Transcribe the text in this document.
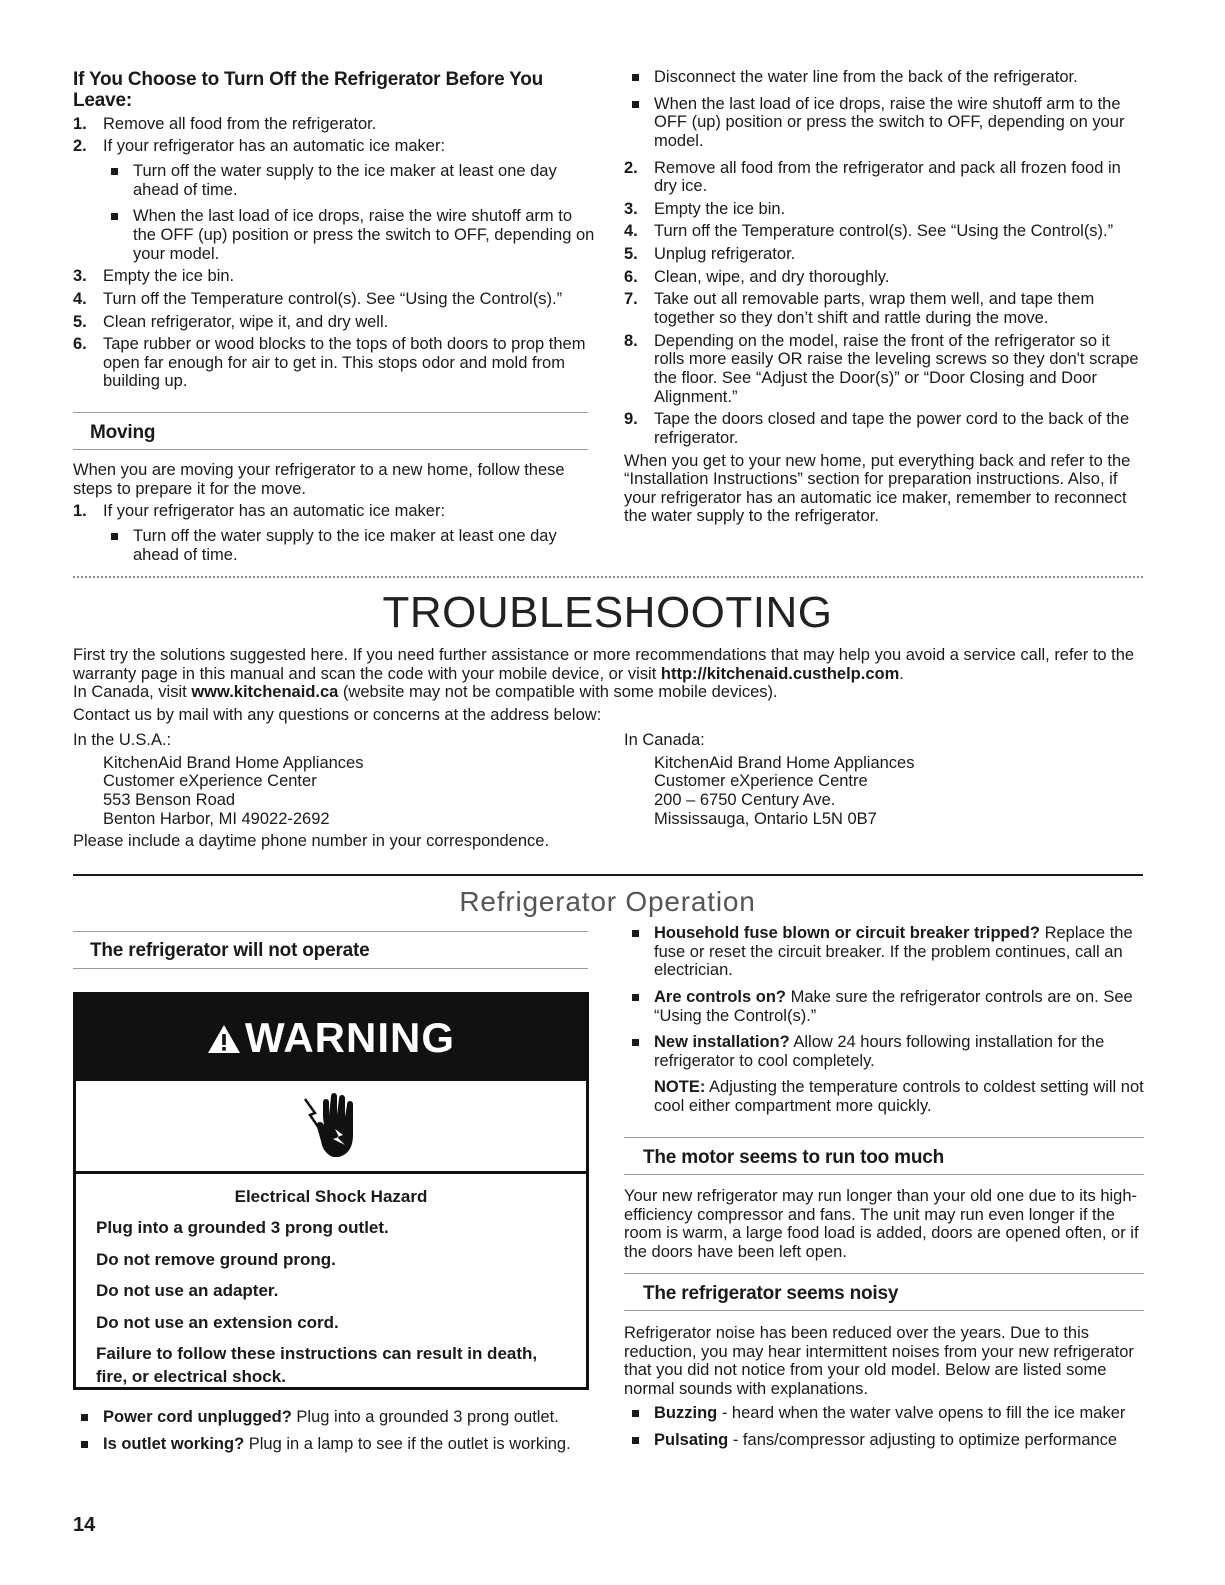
If You Choose to Turn Off the Refrigerator Before You Leave:
1. Remove all food from the refrigerator.
2. If your refrigerator has an automatic ice maker:
Turn off the water supply to the ice maker at least one day ahead of time.
When the last load of ice drops, raise the wire shutoff arm to the OFF (up) position or press the switch to OFF, depending on your model.
3. Empty the ice bin.
4. Turn off the Temperature control(s). See “Using the Control(s).”
5. Clean refrigerator, wipe it, and dry well.
6. Tape rubber or wood blocks to the tops of both doors to prop them open far enough for air to get in. This stops odor and mold from building up.
Moving
When you are moving your refrigerator to a new home, follow these steps to prepare it for the move.
1. If your refrigerator has an automatic ice maker:
Turn off the water supply to the ice maker at least one day ahead of time.
Disconnect the water line from the back of the refrigerator.
When the last load of ice drops, raise the wire shutoff arm to the OFF (up) position or press the switch to OFF, depending on your model.
2. Remove all food from the refrigerator and pack all frozen food in dry ice.
3. Empty the ice bin.
4. Turn off the Temperature control(s). See “Using the Control(s).”
5. Unplug refrigerator.
6. Clean, wipe, and dry thoroughly.
7. Take out all removable parts, wrap them well, and tape them together so they don’t shift and rattle during the move.
8. Depending on the model, raise the front of the refrigerator so it rolls more easily OR raise the leveling screws so they don't scrape the floor. See “Adjust the Door(s)” or “Door Closing and Door Alignment.”
9. Tape the doors closed and tape the power cord to the back of the refrigerator.
When you get to your new home, put everything back and refer to the “Installation Instructions” section for preparation instructions. Also, if your refrigerator has an automatic ice maker, remember to reconnect the water supply to the refrigerator.
TROUBLESHOOTING
First try the solutions suggested here. If you need further assistance or more recommendations that may help you avoid a service call, refer to the warranty page in this manual and scan the code with your mobile device, or visit http://kitchenaid.custhelp.com.
In Canada, visit www.kitchenaid.ca (website may not be compatible with some mobile devices).
Contact us by mail with any questions or concerns at the address below:
In the U.S.A.:
KitchenAid Brand Home Appliances
Customer eXperience Center
553 Benson Road
Benton Harbor, MI 49022-2692
Please include a daytime phone number in your correspondence.
In Canada:
KitchenAid Brand Home Appliances
Customer eXperience Centre
200 – 6750 Century Ave.
Mississauga, Ontario L5N 0B7
Refrigerator Operation
The refrigerator will not operate
WARNING

Electrical Shock Hazard

Plug into a grounded 3 prong outlet.

Do not remove ground prong.

Do not use an adapter.

Do not use an extension cord.

Failure to follow these instructions can result in death, fire, or electrical shock.

Power cord unplugged? Plug into a grounded 3 prong outlet.
Is outlet working? Plug in a lamp to see if the outlet is working.
Household fuse blown or circuit breaker tripped? Replace the fuse or reset the circuit breaker. If the problem continues, call an electrician.
Are controls on? Make sure the refrigerator controls are on. See “Using the Control(s).”
New installation? Allow 24 hours following installation for the refrigerator to cool completely.
NOTE: Adjusting the temperature controls to coldest setting will not cool either compartment more quickly.
The motor seems to run too much
Your new refrigerator may run longer than your old one due to its high-efficiency compressor and fans. The unit may run even longer if the room is warm, a large food load is added, doors are opened often, or if the doors have been left open.
The refrigerator seems noisy
Refrigerator noise has been reduced over the years. Due to this reduction, you may hear intermittent noises from your new refrigerator that you did not notice from your old model. Below are listed some normal sounds with explanations.
Buzzing - heard when the water valve opens to fill the ice maker
Pulsating - fans/compressor adjusting to optimize performance
14
